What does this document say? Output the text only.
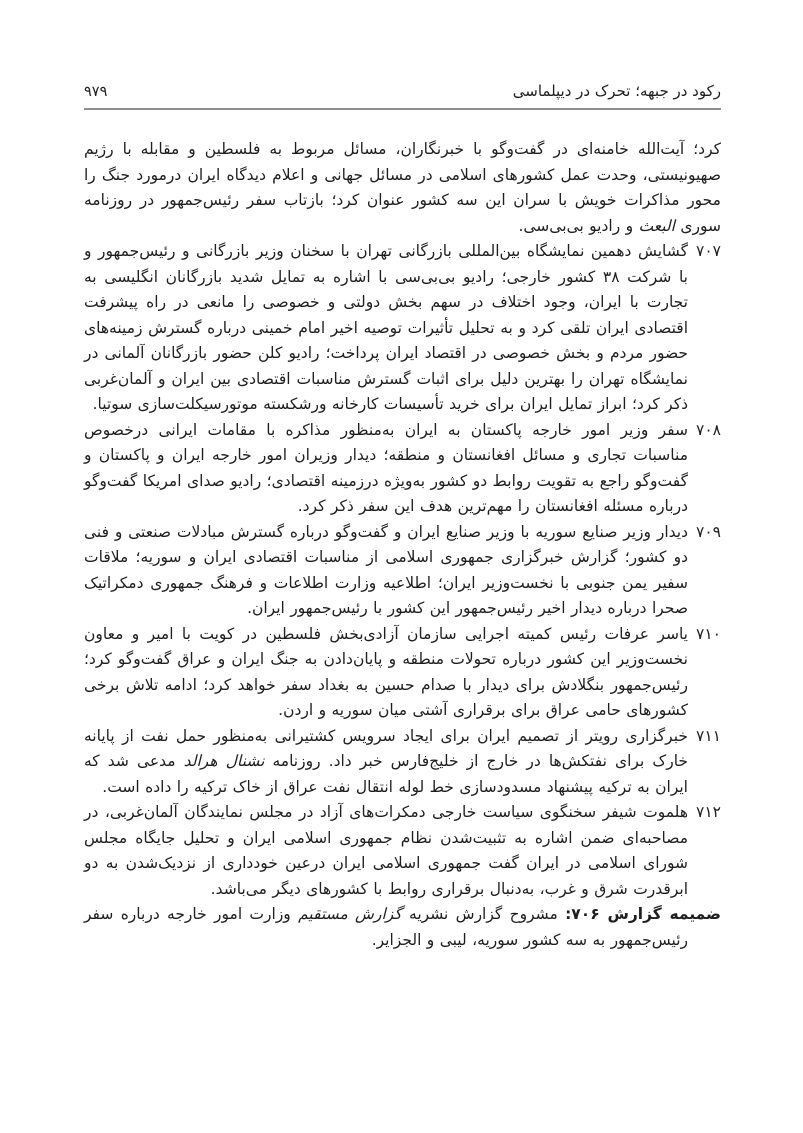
رکود در جبهه؛ تحرک در دیپلماسی
۹۷۹

کرد؛ آیت‌الله خامنه‌ای در گفت‌وگو با خبرنگاران، مسائل مربوط به فلسطین و مقابله با رژیم صهیونیستی، وحدت عمل کشورهای اسلامی در مسائل جهانی و اعلام دیدگاه ایران درمورد جنگ را محور مذاکرات خویش با سران این سه کشور عنوان کرد؛ بازتاب سفر رئیس‌جمهور در روزنامه سوری البعث و رادیو بی‌بی‌سی.

۷۰۷گشایش دهمین نمایشگاه بین‌المللی بازرگانی تهران با سخنان وزیر بازرگانی و رئیس‌جمهور و با شرکت ۳۸ کشور خارجی؛ رادیو بی‌بی‌سی با اشاره به تمایل شدید بازرگانان انگلیسی به تجارت با ایران، وجود اختلاف در سهم بخش دولتی و خصوصی را مانعی در راه پیشرفت اقتصادی ایران تلقی کرد و به تحلیل تأثیرات توصیه اخیر امام خمینی درباره گسترش زمینه‌های حضور مردم و بخش خصوصی در اقتصاد ایران پرداخت؛ رادیو کلن حضور بازرگانان آلمانی در نمایشگاه تهران را بهترین دلیل برای اثبات گسترش مناسبات اقتصادی بین ایران و آلمان‌غربی ذکر کرد؛ ابراز تمایل ایران برای خرید تأسیسات کارخانه ورشکسته موتورسیکلت‌سازی سوتیا.

۷۰۸سفر وزیر امور خارجه پاکستان به ایران به‌منظور مذاکره با مقامات ایرانی درخصوص مناسبات تجاری و مسائل افغانستان و منطقه؛ دیدار وزیران امور خارجه ایران و پاکستان و گفت‌وگو راجع به تقویت روابط دو کشور به‌ویژه درزمینه اقتصادی؛ رادیو صدای امریکا گفت‌وگو درباره مسئله افغانستان را مهم‌ترین هدف این سفر ذکر کرد.

۷۰۹دیدار وزیر صنایع سوریه با وزیر صنایع ایران و گفت‌وگو درباره گسترش مبادلات صنعتی و فنی دو کشور؛ گزارش خبرگزاری جمهوری اسلامی از مناسبات اقتصادی ایران و سوریه؛ ملاقات سفیر یمن جنوبی با نخست‌وزیر ایران؛ اطلاعیه وزارت اطلاعات و فرهنگ جمهوری دمکراتیک صحرا درباره دیدار اخیر رئیس‌جمهور این کشور با رئیس‌جمهور ایران.

۷۱۰یاسر عرفات رئیس کمیته اجرایی سازمان آزادی‌بخش فلسطین در کویت با امیر و معاون نخست‌وزیر این کشور درباره تحولات منطقه و پایان‌دادن به جنگ ایران و عراق گفت‌وگو کرد؛ رئیس‌جمهور بنگلادش برای دیدار با صدام حسین به بغداد سفر خواهد کرد؛ ادامه تلاش برخی کشورهای حامی عراق برای برقراری آشتی میان سوریه و اردن.

۷۱۱خبرگزاری رویتر از تصمیم ایران برای ایجاد سرویس کشتیرانی به‌منظور حمل نفت از پایانه خارک برای نفتکش‌ها در خارج از خلیج‌فارس خبر داد. روزنامه نشنال هرالد مدعی شد که ایران به ترکیه پیشنهاد مسدودسازی خط لوله انتقال نفت عراق از خاک ترکیه را داده است.

۷۱۲هلموت شیفر سخنگوی سیاست خارجی دمکرات‌های آزاد در مجلس نمایندگان آلمان‌غربی، در مصاحبه‌ای ضمن اشاره به تثبیت‌شدن نظام جمهوری اسلامی ایران و تحلیل جایگاه مجلس شورای اسلامی در ایران گفت جمهوری اسلامی ایران درعین خودداری از نزدیک‌شدن به دو ابرقدرت شرق و غرب، به‌دنبال برقراری روابط با کشورهای دیگر می‌باشد.

ضمیمه گزارش ۷۰۶: مشروح گزارش نشریه گزارش مستقیم وزارت امور خارجه درباره سفر رئیس‌جمهور به سه کشور سوریه، لیبی و الجزایر.
